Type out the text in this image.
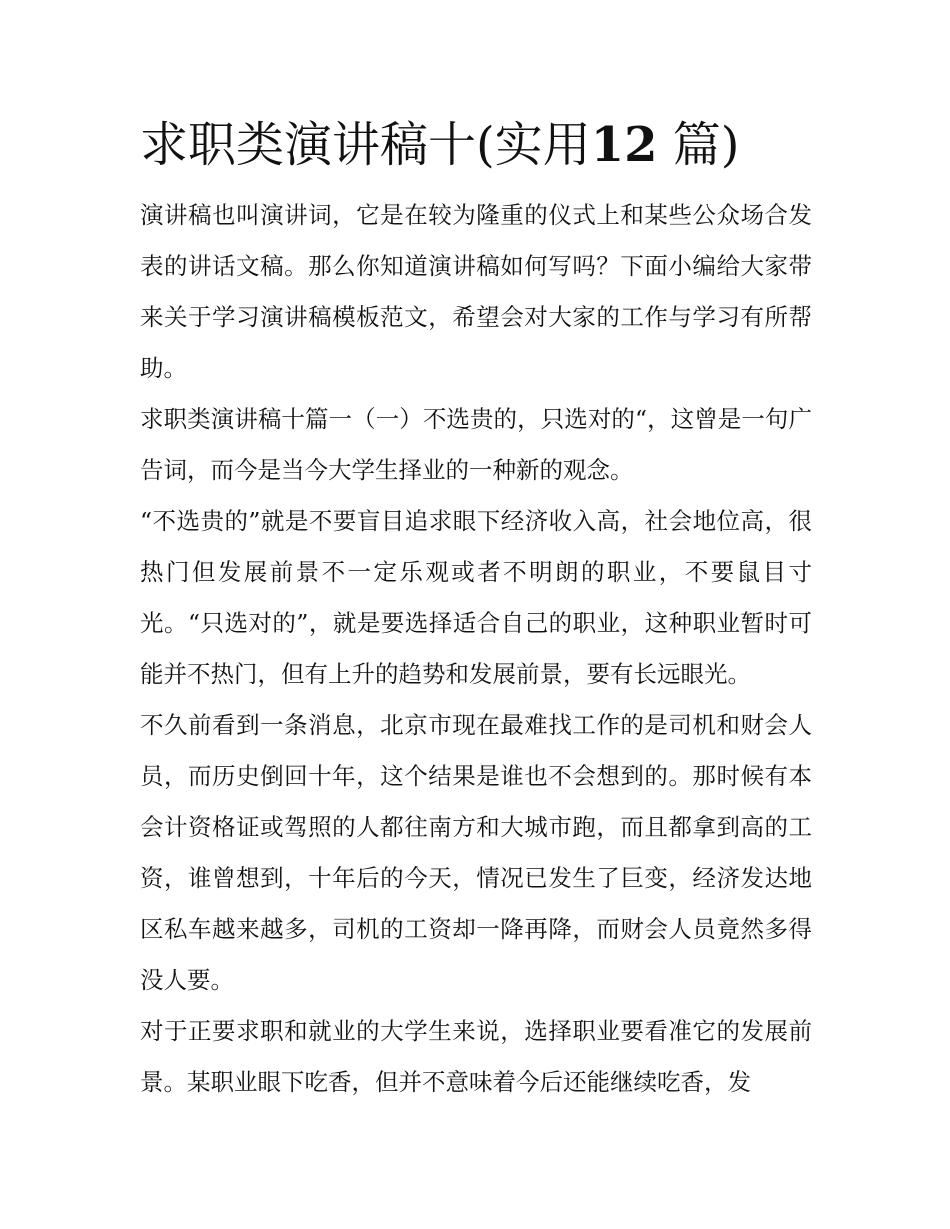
求职类演讲稿十(实用12 篇)

演讲稿也叫演讲词，它是在较为隆重的仪式上和某些公众场合发表的讲话文稿。那么你知道演讲稿如何写吗？下面小编给大家带来关于学习演讲稿模板范文，希望会对大家的工作与学习有所帮助。

求职类演讲稿十篇一（一）不选贵的，只选对的“，这曾是一句广告词，而今是当今大学生择业的一种新的观念。

“不选贵的”就是不要盲目追求眼下经济收入高，社会地位高，很热门但发展前景不一定乐观或者不明朗的职业，不要鼠目寸光。“只选对的”，就是要选择适合自己的职业，这种职业暂时可能并不热门，但有上升的趋势和发展前景，要有长远眼光。

不久前看到一条消息，北京市现在最难找工作的是司机和财会人员，而历史倒回十年，这个结果是谁也不会想到的。那时候有本会计资格证或驾照的人都往南方和大城市跑，而且都拿到高的工资，谁曾想到，十年后的今天，情况已发生了巨变，经济发达地区私车越来越多，司机的工资却一降再降，而财会人员竟然多得没人要。

对于正要求职和就业的大学生来说，选择职业要看准它的发展前景。某职业眼下吃香，但并不意味着今后还能继续吃香，发
